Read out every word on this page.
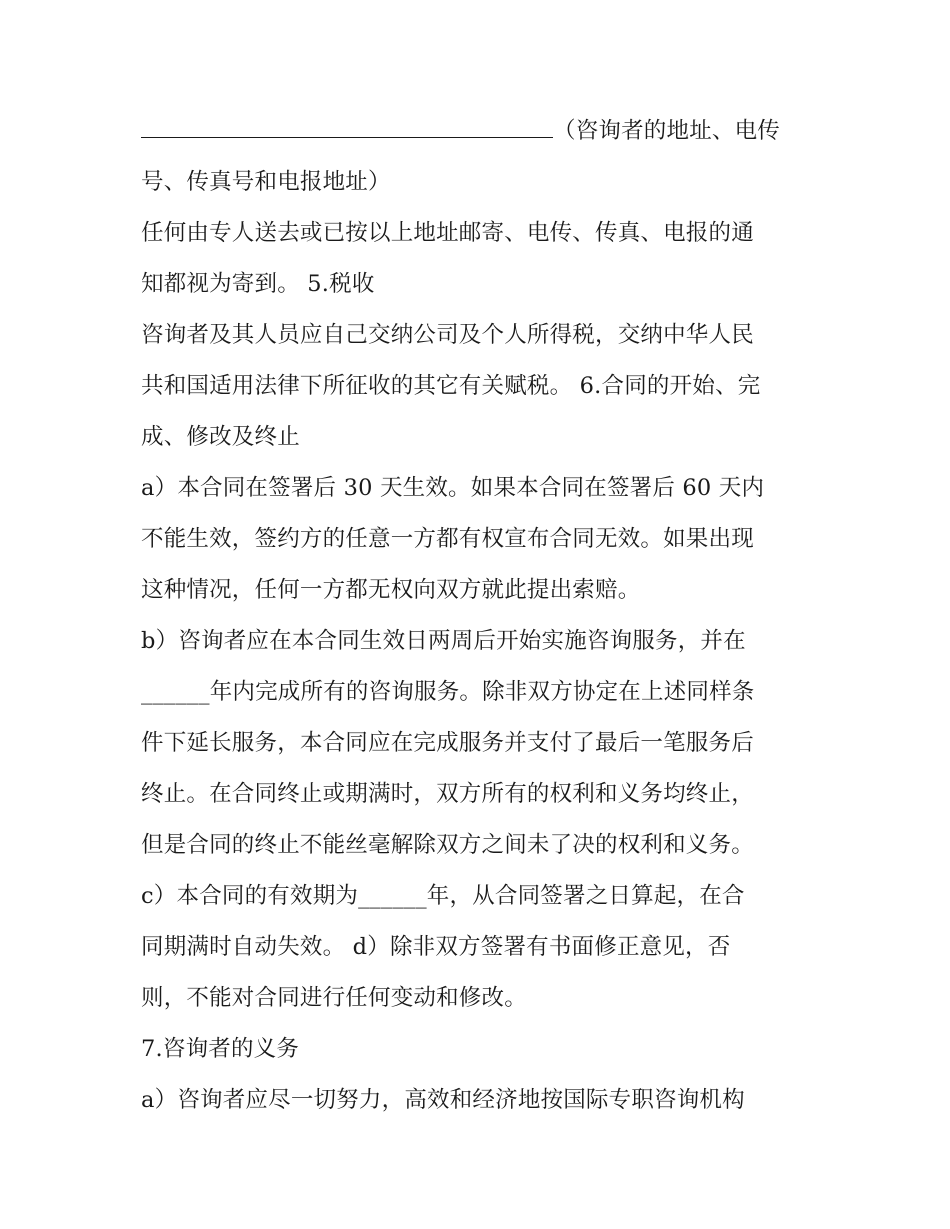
（咨询者的地址、电传
号、传真号和电报地址）
任何由专人送去或已按以上地址邮寄、电传、传真、电报的通
知都视为寄到。 5.税收
咨询者及其人员应自己交纳公司及个人所得税，交纳中华人民
共和国适用法律下所征收的其它有关赋税。 6.合同的开始、完
成、修改及终止
a）本合同在签署后 30 天生效。如果本合同在签署后 60 天内
不能生效，签约方的任意一方都有权宣布合同无效。如果出现
这种情况，任何一方都无权向双方就此提出索赔。
b）咨询者应在本合同生效日两周后开始实施咨询服务，并在
______年内完成所有的咨询服务。除非双方协定在上述同样条
件下延长服务，本合同应在完成服务并支付了最后一笔服务后
终止。在合同终止或期满时，双方所有的权利和义务均终止，
但是合同的终止不能丝毫解除双方之间未了决的权利和义务。
c）本合同的有效期为______年，从合同签署之日算起，在合
同期满时自动失效。 d）除非双方签署有书面修正意见，否
则，不能对合同进行任何变动和修改。
7.咨询者的义务
a）咨询者应尽一切努力，高效和经济地按国际专职咨询机构
